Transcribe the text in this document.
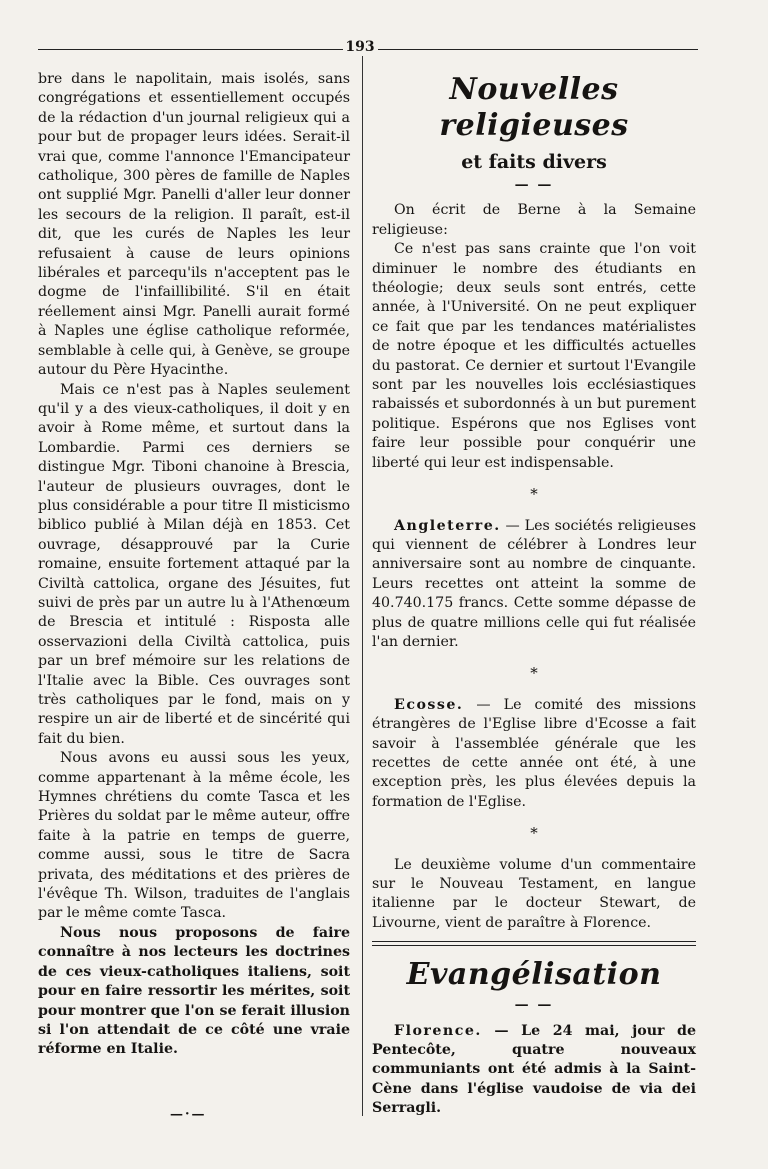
193

bre dans le napolitain, mais isolés, sans congrégations et essentiellement occupés de la rédaction d'un journal religieux qui a pour but de propager leurs idées. Serait-il vrai que, comme l'annonce l'Emancipateur catholique, 300 pères de famille de Naples ont supplié Mgr. Panelli d'aller leur donner les secours de la religion. Il paraît, est-il dit, que les curés de Naples les leur refusaient à cause de leurs opinions libérales et parcequ'ils n'acceptent pas le dogme de l'infaillibilité. S'il en était réellement ainsi Mgr. Panelli aurait formé à Naples une église catholique reformée, semblable à celle qui, à Genève, se groupe autour du Père Hyacinthe.

Mais ce n'est pas à Naples seulement qu'il y a des vieux-catholiques, il doit y en avoir à Rome même, et surtout dans la Lombardie. Parmi ces derniers se distingue Mgr. Tiboni chanoine à Brescia, l'auteur de plusieurs ouvrages, dont le plus considérable a pour titre Il misticismo biblico publié à Milan déjà en 1853. Cet ouvrage, désapprouvé par la Curie romaine, ensuite fortement attaqué par la Civiltà cattolica, organe des Jésuites, fut suivi de près par un autre lu à l'Athenœum de Brescia et intitulé : Risposta alle osservazioni della Civiltà cattolica, puis par un bref mémoire sur les relations de l'Italie avec la Bible. Ces ouvrages sont très catholiques par le fond, mais on y respire un air de liberté et de sincérité qui fait du bien.

Nous avons eu aussi sous les yeux, comme appartenant à la même école, les Hymnes chrétiens du comte Tasca et les Prières du soldat par le même auteur, offre faite à la patrie en temps de guerre, comme aussi, sous le titre de Sacra privata, des méditations et des prières de l'évêque Th. Wilson, traduites de l'anglais par le même comte Tasca.

Nous nous proposons de faire connaître à nos lecteurs les doctrines de ces vieux-catholiques italiens, soit pour en faire ressortir les mérites, soit pour montrer que l'on se ferait illusion si l'on attendait de ce côté une vraie réforme en Italie.

—·—
Nouvelles religieuses
et faits divers
— —

On écrit de Berne à la Semaine religieuse:

Ce n'est pas sans crainte que l'on voit diminuer le nombre des étudiants en théologie; deux seuls sont entrés, cette année, à l'Université. On ne peut expliquer ce fait que par les tendances matérialistes de notre époque et les difficultés actuelles du pastorat. Ce dernier et surtout l'Evangile sont par les nouvelles lois ecclésiastiques rabaissés et subordonnés à un but purement politique. Espérons que nos Eglises vont faire leur possible pour conquérir une liberté qui leur est indispensable.

*

Angleterre. — Les sociétés religieuses qui viennent de célébrer à Londres leur anniversaire sont au nombre de cinquante. Leurs recettes ont atteint la somme de 40.740.175 francs. Cette somme dépasse de plus de quatre millions celle qui fut réalisée l'an dernier.

*

Ecosse. — Le comité des missions étrangères de l'Eglise libre d'Ecosse a fait savoir à l'assemblée générale que les recettes de cette année ont été, à une exception près, les plus élevées depuis la formation de l'Eglise.

*

Le deuxième volume d'un commentaire sur le Nouveau Testament, en langue italienne par le docteur Stewart, de Livourne, vient de paraître à Florence.

Evangélisation
— —

Florence. — Le 24 mai, jour de Pentecôte, quatre nouveaux communiants ont été admis à la Saint-Cène dans l'église vaudoise de via dei Serragli.
